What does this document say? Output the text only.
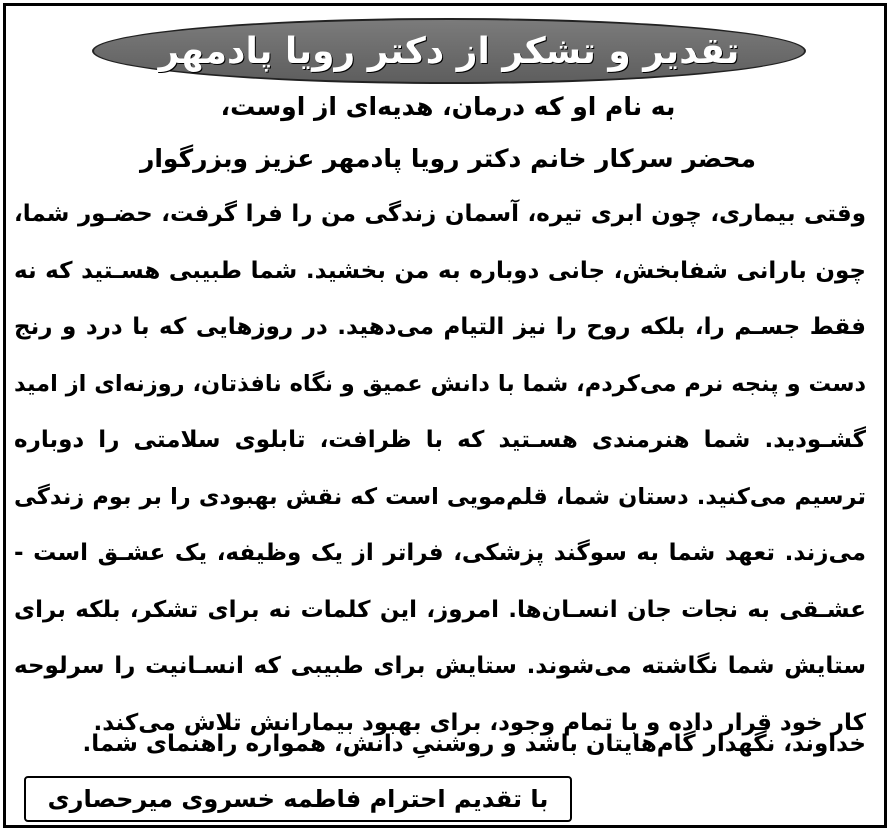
تقدیر و تشکر از دکتر رویا پادمهر
به نام او که درمان، هدیه‌ای از اوست،
محضر سرکار خانم دکتر رویا پادمهر عزیز وبزرگوار
وقتی بیماری، چون ابری تیره، آسمان زندگی من را فرا گرفت، حضـور شما،
چون بارانی شفابخش، جانی دوباره به من بخشید. شما طبیبی هسـتید که نه
فقط جسـم را، بلکه روح را نیز التیام می‌دهید. در روزهایی که با درد و رنج
دست و پنجه نرم می‌کردم، شما با دانش عمیق و نگاه نافذتان، روزنه‌ای از امید
گشـودید. شما هنرمندی هسـتید که با ظرافت، تابلوی سلامتی را دوباره
ترسیم می‌کنید. دستان شما، قلم‌مویی است که نقش بهبودی را بر بوم زندگی
می‌زند. تعهد شما به سوگند پزشکی، فراتر از یک وظیفه، یک عشـق است -
عشـقی به نجات جان انسـان‌ها. امروز، این کلمات نه برای تشکر، بلکه برای
ستایش شما نگاشته می‌شوند. ستایش برای طبیبی که انسـانیت را سرلوحه
کار خود قرار داده و با تمام وجود، برای بهبود بیمارانش تلاش می‌کند.
خداوند، نگهدار گام‌هایتان باشد و روشنیِ دانش، همواره راهنمای شما.
با تقدیم احترام فاطمه خسروی میرحصاری
